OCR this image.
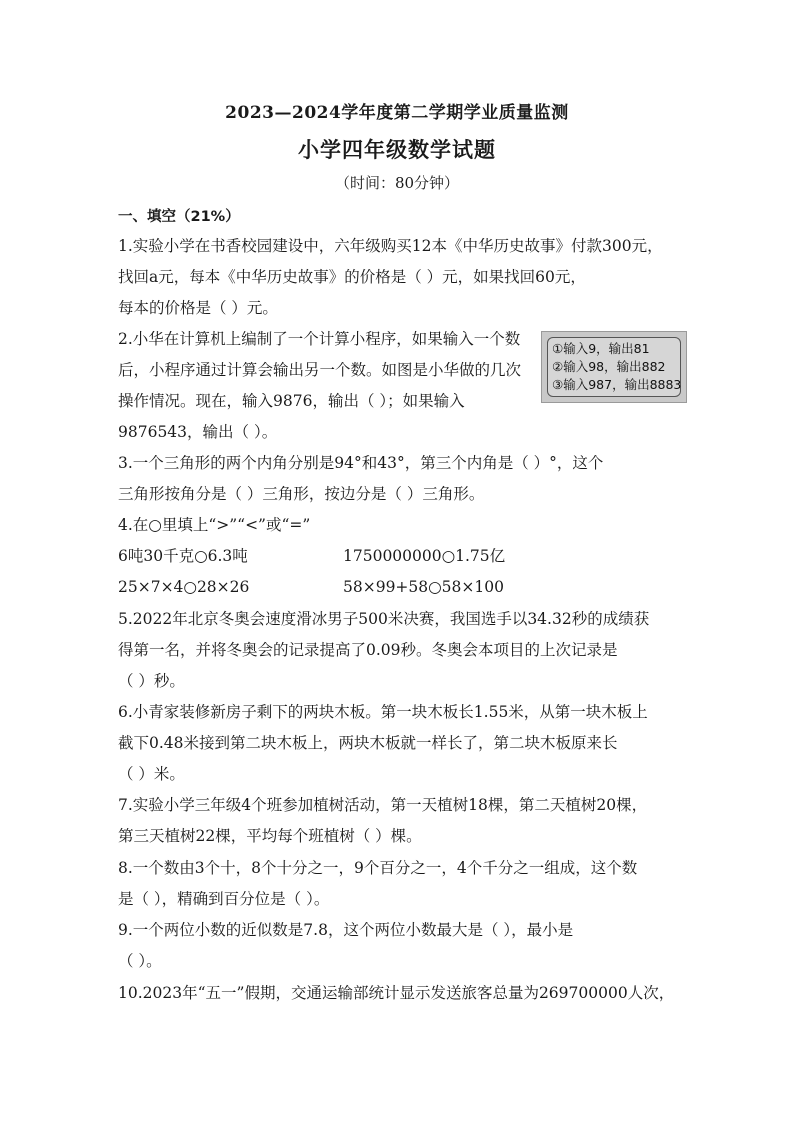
2023—2024学年度第二学期学业质量监测
小学四年级数学试题
（时间：80分钟）
一、填空（21%）
1.实验小学在书香校园建设中，六年级购买12本《中华历史故事》付款300元，
找回a元，每本《中华历史故事》的价格是（ ）元，如果找回60元，
每本的价格是（ ）元。
2.小华在计算机上编制了一个计算小程序，如果输入一个数
后，小程序通过计算会输出另一个数。如图是小华做的几次
操作情况。现在，输入9876，输出（ ）；如果输入
9876543，输出（ ）。
①输入9，输出81
②输入98，输出882
③输入987，输出8883
3.一个三角形的两个内角分别是94°和43°，第三个内角是（ ）°，这个
三角形按角分是（ ）三角形，按边分是（ ）三角形。
4.在○里填上“>”“<”或“=”
6吨30千克○6.3吨	1750000000○1.75亿
25×7×4○28×26	58×99+58○58×100
5.2022年北京冬奥会速度滑冰男子500米决赛，我国选手以34.32秒的成绩获
得第一名，并将冬奥会的记录提高了0.09秒。冬奥会本项目的上次记录是
（ ）秒。
6.小青家装修新房子剩下的两块木板。第一块木板长1.55米，从第一块木板上
截下0.48米接到第二块木板上，两块木板就一样长了，第二块木板原来长
（ ）米。
7.实验小学三年级4个班参加植树活动，第一天植树18棵，第二天植树20棵，
第三天植树22棵，平均每个班植树（ ）棵。
8.一个数由3个十，8个十分之一，9个百分之一，4个千分之一组成，这个数
是（ ），精确到百分位是（ ）。
9.一个两位小数的近似数是7.8，这个两位小数最大是（ ），最小是
（ ）。
10.2023年“五一”假期，交通运输部统计显示发送旅客总量为269700000人次，
